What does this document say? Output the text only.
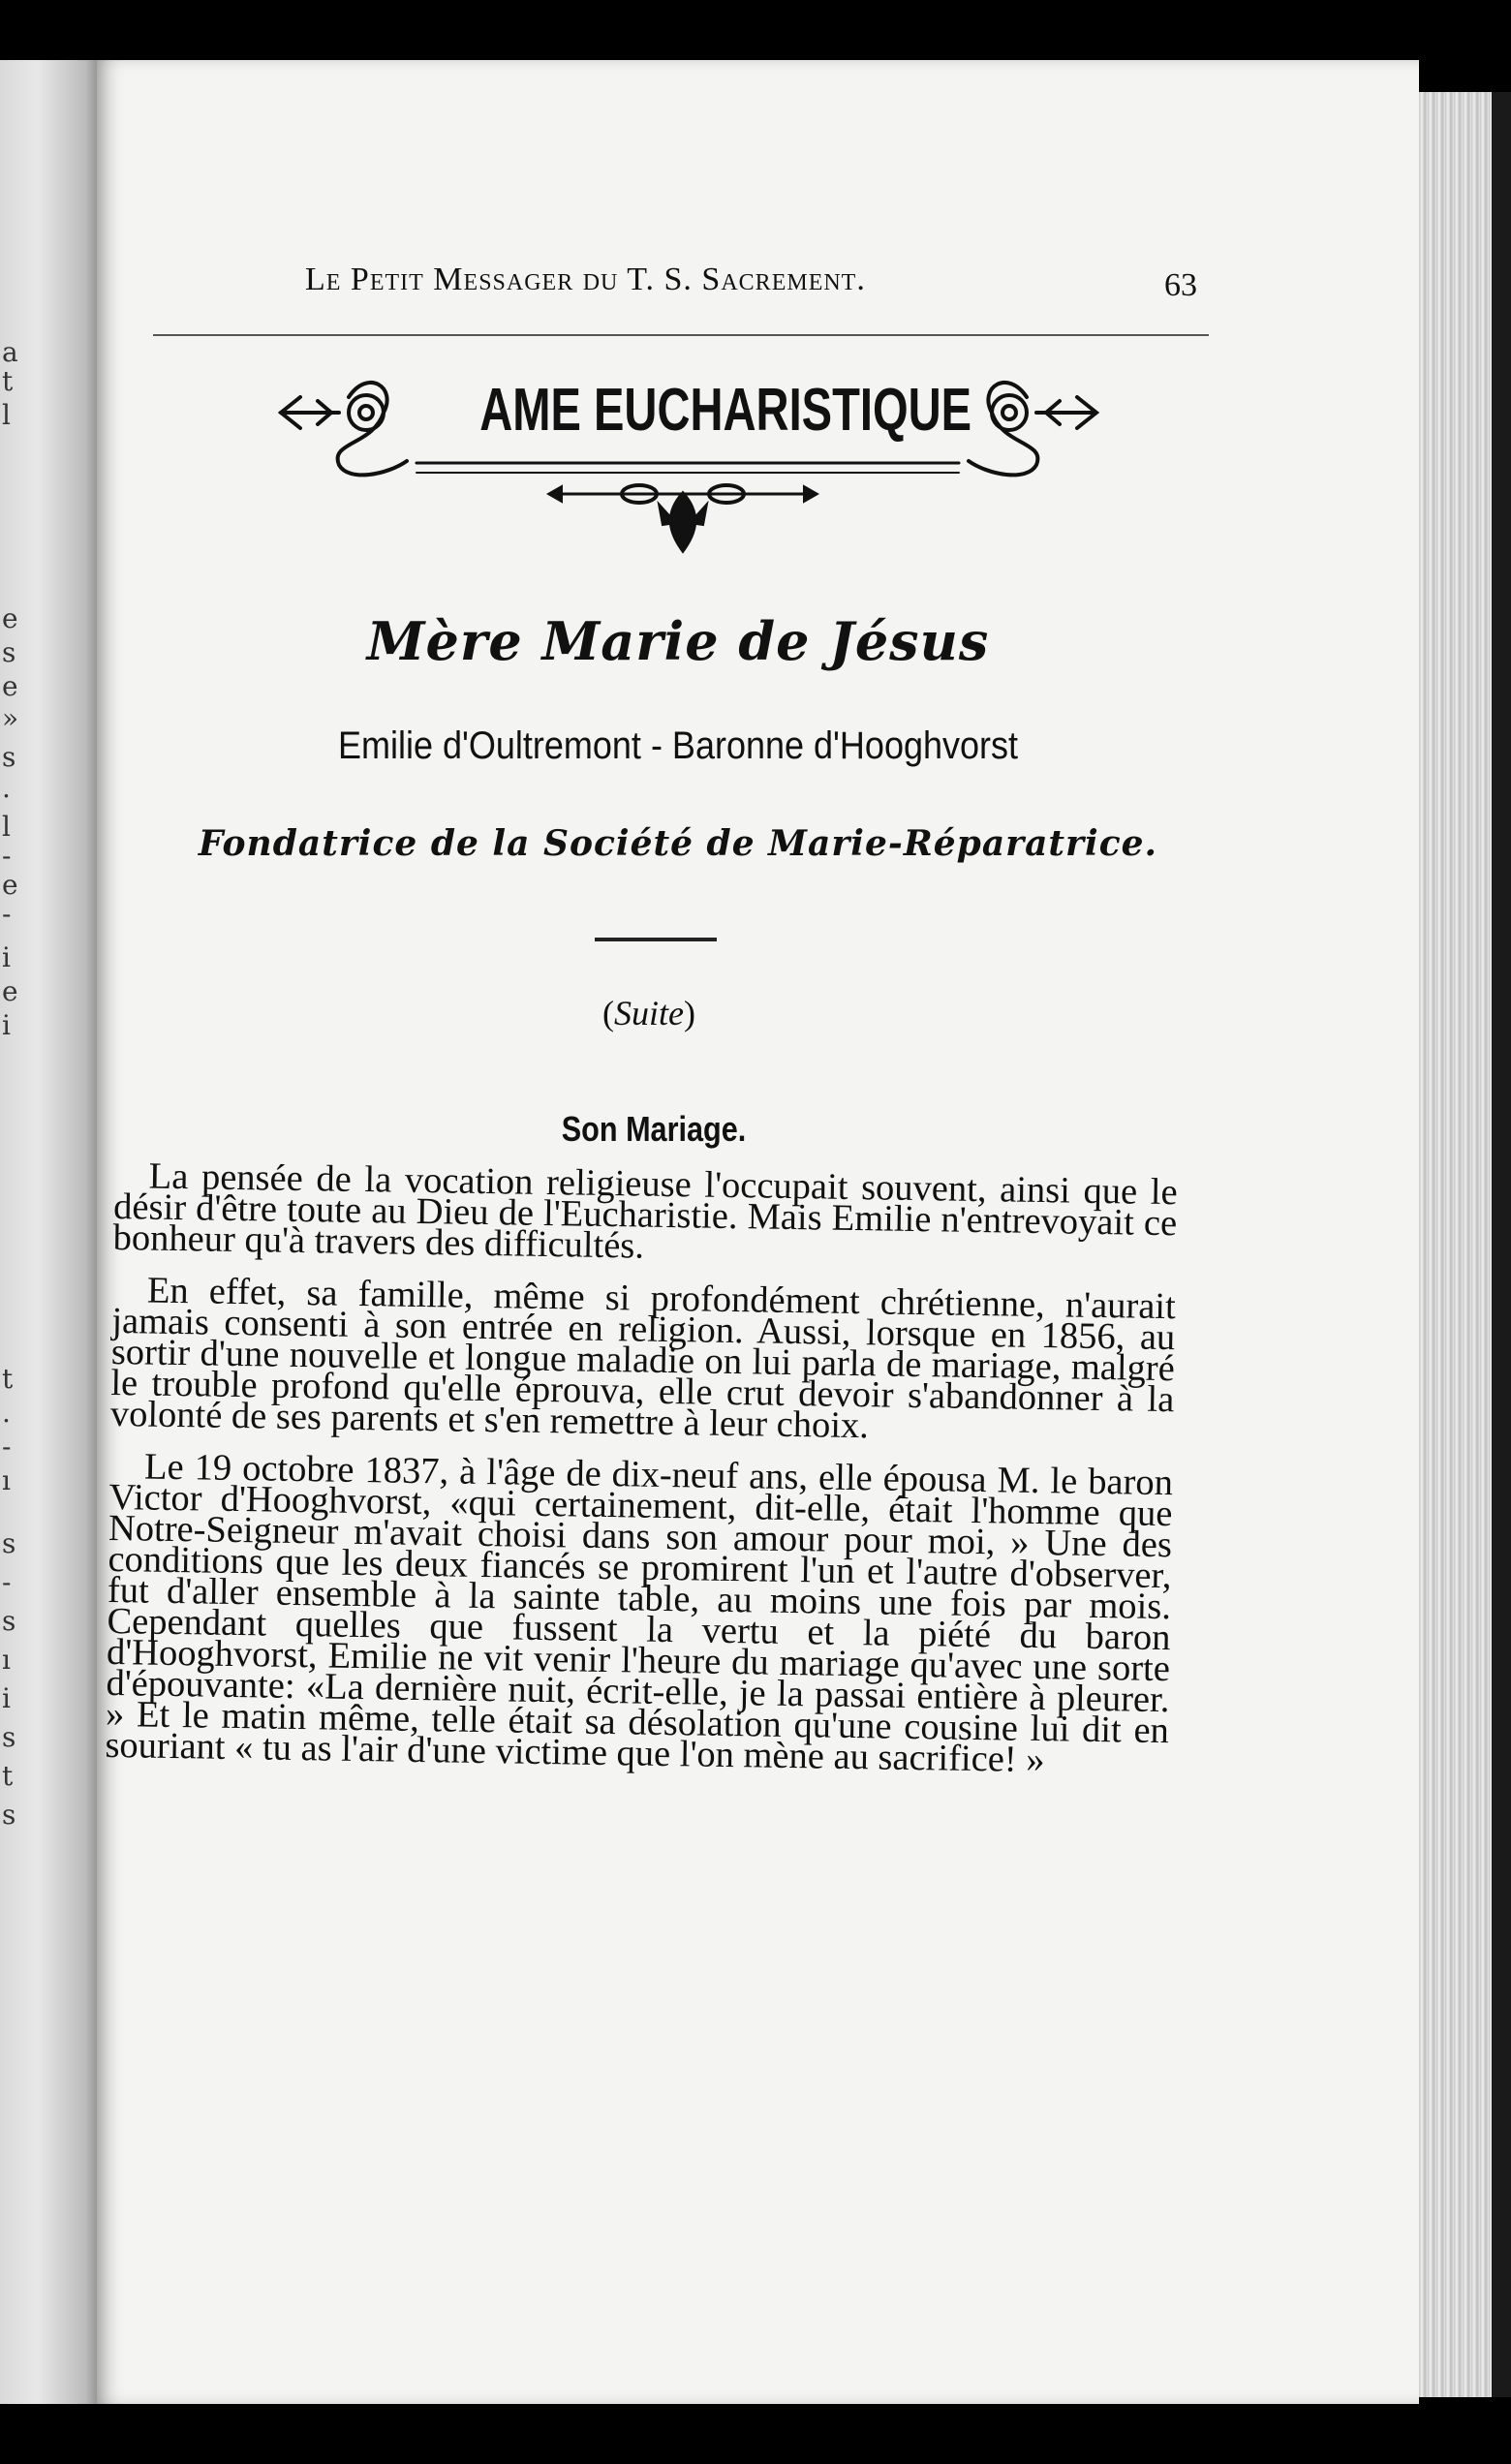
a
t
l
e
s
e
»
s
.
l
-
e
-
i
e
i
t
.
-
ı
s
-
s
ı
i
s
t
s
Le Petit Messager du T. S. Sacrement.	63
AME EUCHARISTIQUE
Mère Marie de Jésus
Emilie d'Oultremont - Baronne d'Hooghvorst
Fondatrice de la Société de Marie-Réparatrice.
(Suite)
Son Mariage.

La pensée de la vocation religieuse l'occupait souvent, ainsi que le désir d'être toute au Dieu de l'Eucharistie. Mais Emilie n'entrevoyait ce bonheur qu'à travers des difficultés.

En effet, sa famille, même si profondément chrétienne, n'aurait jamais consenti à son entrée en religion. Aussi, lorsque en 1856, au sortir d'une nouvelle et longue maladie on lui parla de mariage, malgré le trouble profond qu'elle éprouva, elle crut devoir s'abandonner à la volonté de ses parents et s'en remettre à leur choix.

Le 19 octobre 1837, à l'âge de dix-neuf ans, elle épousa M. le baron Victor d'Hooghvorst, «qui certainement, dit-elle, était l'homme que Notre-Seigneur m'avait choisi dans son amour pour moi, » Une des conditions que les deux fiancés se promirent l'un et l'autre d'observer, fut d'aller ensemble à la sainte table, au moins une fois par mois. Cependant quelles que fussent la vertu et la piété du baron d'Hooghvorst, Emilie ne vit venir l'heure du mariage qu'avec une sorte d'épouvante: «La dernière nuit, écrit-elle, je la passai entière à pleurer. » Et le matin même, telle était sa désolation qu'une cousine lui dit en souriant « tu as l'air d'une victime que l'on mène au sacrifice! »
